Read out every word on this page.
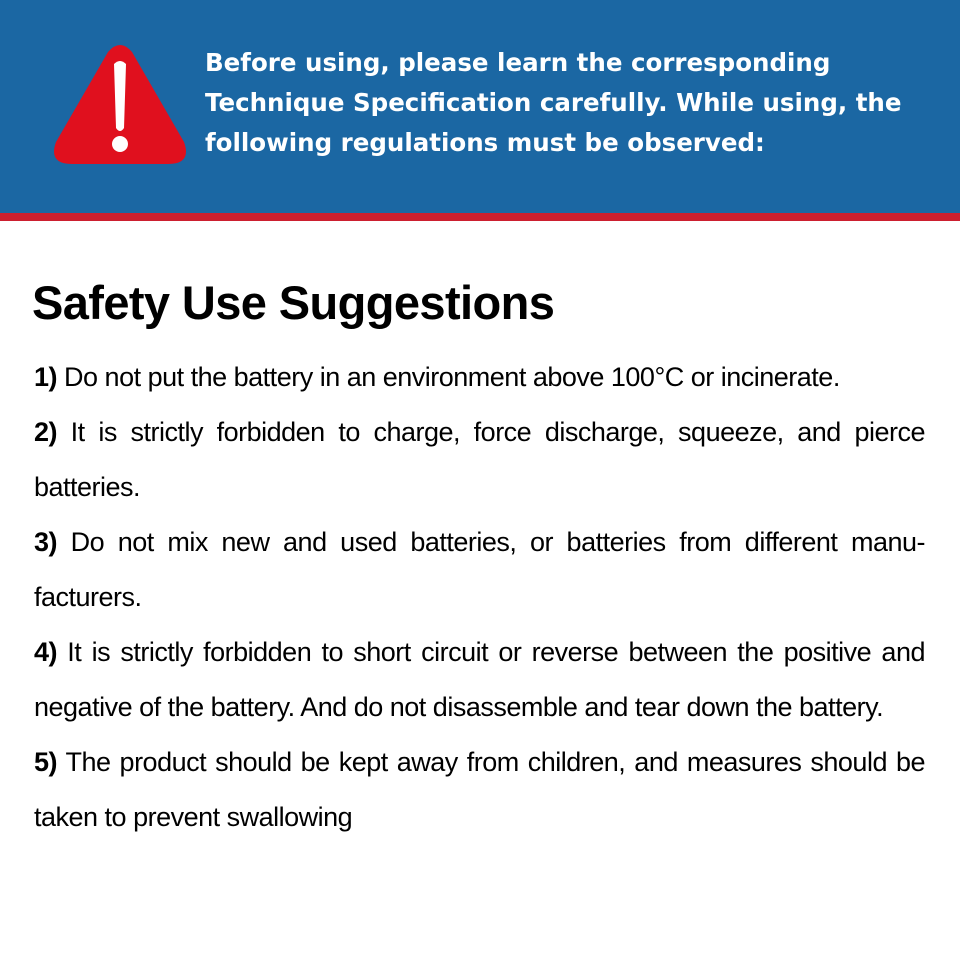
Before using, please learn the corresponding Technique Specification carefully. While using, the following regulations must be observed:

Safety Use Suggestions
1) Do not put the battery in an environment above 100°C or incinerate.
2) It is strictly forbidden to charge, force discharge, squeeze, and pierce batteries.
3) Do not mix new and used batteries, or batteries from different manu-facturers.
4) It is strictly forbidden to short circuit or reverse between the positive and negative of the battery. And do not disassemble and tear down the battery.
5) The product should be kept away from children, and measures should be taken to prevent swallowing
